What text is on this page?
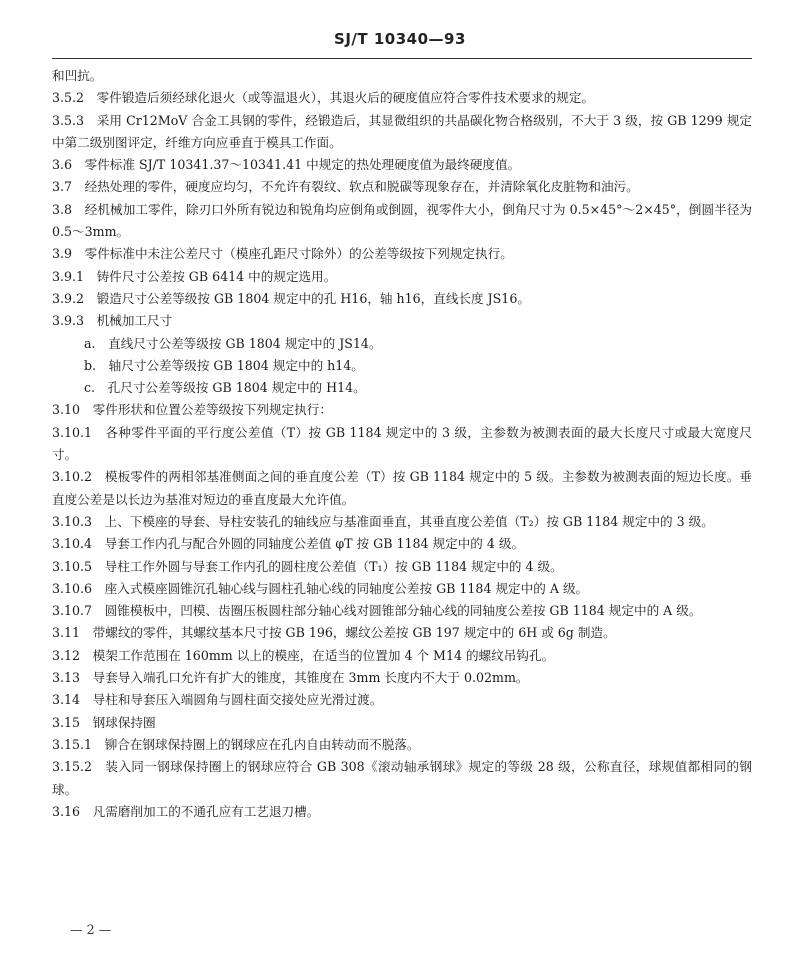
SJ/T 10340—93

和凹抗。

3.5.2　零件锻造后须经球化退火（或等温退火），其退火后的硬度值应符合零件技术要求的规定。

3.5.3　采用 Cr12MoV 合金工具钢的零件，经锻造后，其显微组织的共晶碳化物合格级别，不大于 3 级，按 GB 1299 规定中第二级别图评定，纤维方向应垂直于模具工作面。

3.6　零件标准 SJ/T 10341.37～10341.41 中规定的热处理硬度值为最终硬度值。

3.7　经热处理的零件，硬度应均匀，不允许有裂纹、软点和脱碳等现象存在，并清除氧化皮脏物和油污。

3.8　经机械加工零件，除刃口外所有锐边和锐角均应倒角或倒圆，视零件大小，倒角尺寸为 0.5×45°～2×45°，倒圆半径为 0.5～3mm。

3.9　零件标准中未注公差尺寸（模座孔距尺寸除外）的公差等级按下列规定执行。

3.9.1　铸件尺寸公差按 GB 6414 中的规定选用。

3.9.2　锻造尺寸公差等级按 GB 1804 规定中的孔 H16，轴 h16，直线长度 JS16。

3.9.3　机械加工尺寸

a.　直线尺寸公差等级按 GB 1804 规定中的 JS14。

b.　轴尺寸公差等级按 GB 1804 规定中的 h14。

c.　孔尺寸公差等级按 GB 1804 规定中的 H14。

3.10　零件形状和位置公差等级按下列规定执行：

3.10.1　各种零件平面的平行度公差值（T）按 GB 1184 规定中的 3 级，主参数为被测表面的最大长度尺寸或最大宽度尺寸。

3.10.2　模板零件的两相邻基准侧面之间的垂直度公差（T）按 GB 1184 规定中的 5 级。主参数为被测表面的短边长度。垂直度公差是以长边为基准对短边的垂直度最大允许值。

3.10.3　上、下模座的导套、导柱安装孔的轴线应与基准面垂直，其垂直度公差值（T₂）按 GB 1184 规定中的 3 级。

3.10.4　导套工作内孔与配合外圆的同轴度公差值 φT 按 GB 1184 规定中的 4 级。

3.10.5　导柱工作外圆与导套工作内孔的圆柱度公差值（T₁）按 GB 1184 规定中的 4 级。

3.10.6　座入式模座圆锥沉孔轴心线与圆柱孔轴心线的同轴度公差按 GB 1184 规定中的 A 级。

3.10.7　圆锥模板中，凹模、齿圈压板圆柱部分轴心线对圆锥部分轴心线的同轴度公差按 GB 1184 规定中的 A 级。

3.11　带螺纹的零件，其螺纹基本尺寸按 GB 196，螺纹公差按 GB 197 规定中的 6H 或 6g 制造。

3.12　模架工作范围在 160mm 以上的模座，在适当的位置加 4 个 M14 的螺纹吊钩孔。

3.13　导套导入端孔口允许有扩大的锥度，其锥度在 3mm 长度内不大于 0.02mm。

3.14　导柱和导套压入端圆角与圆柱面交接处应光滑过渡。

3.15　钢球保持圈

3.15.1　铆合在钢球保持圈上的钢球应在孔内自由转动而不脱落。

3.15.2　装入同一钢球保持圈上的钢球应符合 GB 308《滚动轴承钢球》规定的等级 28 级，公称直径，球规值都相同的钢球。

3.16　凡需磨削加工的不通孔应有工艺退刀槽。

— 2 —
